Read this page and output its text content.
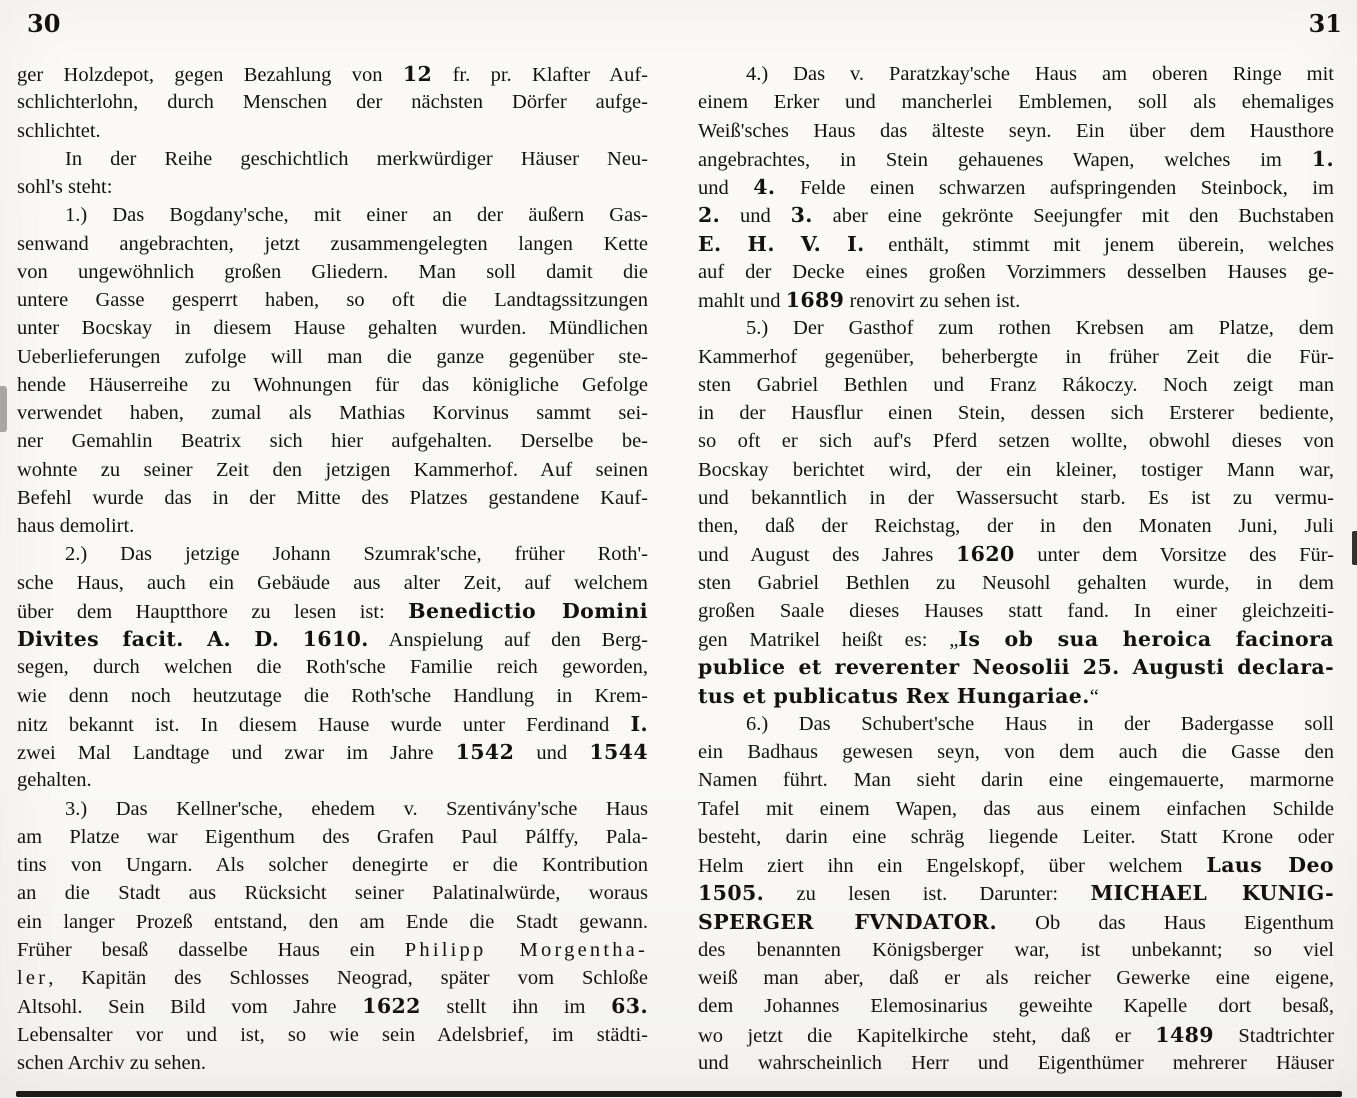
30	31
ger Holzdepot, gegen Bezahlung von 12 fr. pr. Klafter Auf-
schlichterlohn, durch Menschen der nächsten Dörfer aufge-
schlichtet.
In der Reihe geschichtlich merkwürdiger Häuser Neu-
sohl's steht:
1.) Das Bogdany'sche, mit einer an der äußern Gas-
senwand angebrachten, jetzt zusammengelegten langen Kette
von ungewöhnlich großen Gliedern. Man soll damit die
untere Gasse gesperrt haben, so oft die Landtagssitzungen
unter Bocskay in diesem Hause gehalten wurden. Mündlichen
Ueberlieferungen zufolge will man die ganze gegenüber ste-
hende Häuserreihe zu Wohnungen für das königliche Gefolge
verwendet haben, zumal als Mathias Korvinus sammt sei-
ner Gemahlin Beatrix sich hier aufgehalten. Derselbe be-
wohnte zu seiner Zeit den jetzigen Kammerhof. Auf seinen
Befehl wurde das in der Mitte des Platzes gestandene Kauf-
haus demolirt.
2.) Das jetzige Johann Szumrak'sche, früher Roth'-
sche Haus, auch ein Gebäude aus alter Zeit, auf welchem
über dem Hauptthore zu lesen ist: Benedictio Domini
Divites facit. A. D. 1610. Anspielung auf den Berg-
segen, durch welchen die Roth'sche Familie reich geworden,
wie denn noch heutzutage die Roth'sche Handlung in Krem-
nitz bekannt ist. In diesem Hause wurde unter Ferdinand I.
zwei Mal Landtage und zwar im Jahre 1542 und 1544
gehalten.
3.) Das Kellner'sche, ehedem v. Szentivány'sche Haus
am Platze war Eigenthum des Grafen Paul Pálffy, Pala-
tins von Ungarn. Als solcher denegirte er die Kontribution
an die Stadt aus Rücksicht seiner Palatinalwürde, woraus
ein langer Prozeß entstand, den am Ende die Stadt gewann.
Früher besaß dasselbe Haus ein Philipp Morgentha-
ler, Kapitän des Schlosses Neograd, später vom Schloße
Altsohl. Sein Bild vom Jahre 1622 stellt ihn im 63.
Lebensalter vor und ist, so wie sein Adelsbrief, im städti-
schen Archiv zu sehen.
4.) Das v. Paratzkay'sche Haus am oberen Ringe mit
einem Erker und mancherlei Emblemen, soll als ehemaliges
Weiß'sches Haus das älteste seyn. Ein über dem Hausthore
angebrachtes, in Stein gehauenes Wapen, welches im 1.
und 4. Felde einen schwarzen aufspringenden Steinbock, im
2. und 3. aber eine gekrönte Seejungfer mit den Buchstaben
E. H. V. I. enthält, stimmt mit jenem überein, welches
auf der Decke eines großen Vorzimmers desselben Hauses ge-
mahlt und 1689 renovirt zu sehen ist.
5.) Der Gasthof zum rothen Krebsen am Platze, dem
Kammerhof gegenüber, beherbergte in früher Zeit die Für-
sten Gabriel Bethlen und Franz Rákoczy. Noch zeigt man
in der Hausflur einen Stein, dessen sich Ersterer bediente,
so oft er sich auf's Pferd setzen wollte, obwohl dieses von
Bocskay berichtet wird, der ein kleiner, tostiger Mann war,
und bekanntlich in der Wassersucht starb. Es ist zu vermu-
then, daß der Reichstag, der in den Monaten Juni, Juli
und August des Jahres 1620 unter dem Vorsitze des Für-
sten Gabriel Bethlen zu Neusohl gehalten wurde, in dem
großen Saale dieses Hauses statt fand. In einer gleichzeiti-
gen Matrikel heißt es: „Is ob sua heroica facinora
publice et reverenter Neosolii 25. Augusti declara-
tus et publicatus Rex Hungariae.“
6.) Das Schubert'sche Haus in der Badergasse soll
ein Badhaus gewesen seyn, von dem auch die Gasse den
Namen führt. Man sieht darin eine eingemauerte, marmorne
Tafel mit einem Wapen, das aus einem einfachen Schilde
besteht, darin eine schräg liegende Leiter. Statt Krone oder
Helm ziert ihn ein Engelskopf, über welchem Laus Deo
1505. zu lesen ist. Darunter: MICHAEL KUNIG-
SPERGER FVNDATOR. Ob das Haus Eigenthum
des benannten Königsberger war, ist unbekannt; so viel
weiß man aber, daß er als reicher Gewerke eine eigene,
dem Johannes Elemosinarius geweihte Kapelle dort besaß,
wo jetzt die Kapitelkirche steht, daß er 1489 Stadtrichter
und wahrscheinlich Herr und Eigenthümer mehrerer Häuser
